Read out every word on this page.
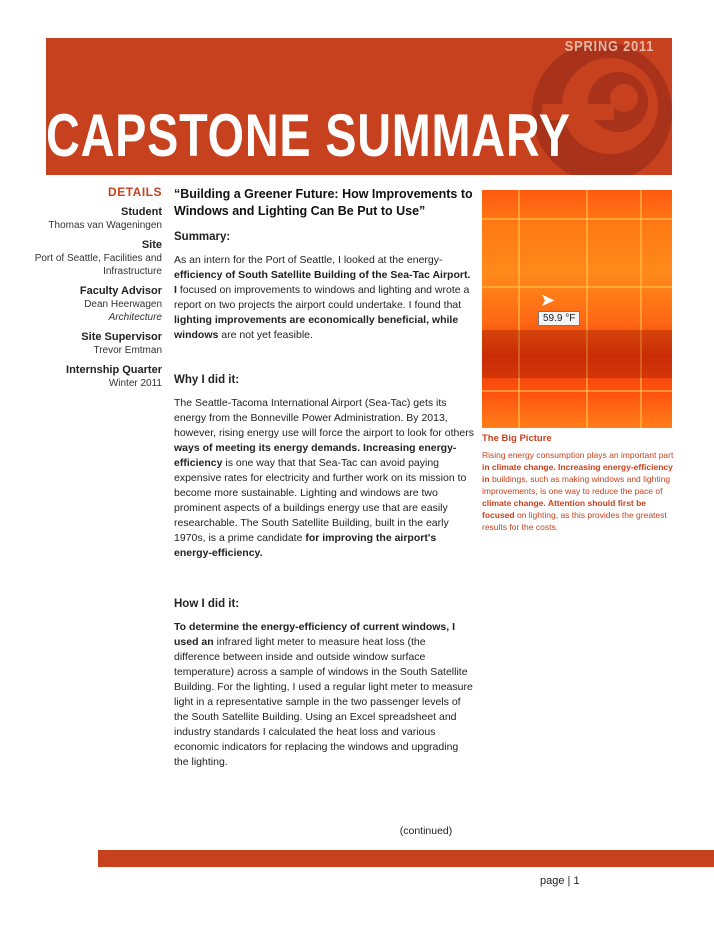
SPRING 2011
CAPSTONE SUMMARY
DETAILS
Student
Thomas van Wageningen
Site
Port of Seattle, Facilities and
Infrastructure
Faculty Advisor
Dean Heerwagen
Architecture
Site Supervisor
Trevor Emtman
Internship Quarter
Winter 2011

“Building a Greener Future: How Improvements to Windows and Lighting Can Be Put to Use”

Summary:

As an intern for the Port of Seattle, I looked at the energy- efficiency of South Satellite Building of the Sea-Tac Airport. I focused on improvements to windows and lighting and wrote a report on two projects the airport could undertake. I found that lighting improvements are economically beneficial, while windows are not yet feasible.

Why I did it:

The Seattle-Tacoma International Airport (Sea-Tac) gets its energy from the Bonneville Power Administration. By 2013, however, rising energy use will force the airport to look for others ways of meeting its energy demands. Increasing energy-efficiency is one way that that Sea-Tac can avoid paying expensive rates for electricity and further work on its mission to become more sustainable. Lighting and windows are two prominent aspects of a buildings energy use that are easily researchable. The South Satellite Building, built in the early 1970s, is a prime candidate for improving the airport's energy-efficiency.

How I did it:

To determine the energy-efficiency of current windows, I used an infrared light meter to measure heat loss (the difference between inside and outside window surface temperature) across a sample of windows in the South Satellite Building. For the lighting, I used a regular light meter to measure light in a representative sample in the two passenger levels of the South Satellite Building. Using an Excel spreadsheet and industry standards I calculated the heat loss and various economic indicators for replacing the windows and upgrading the lighting.

➤
59.9 °F
The Big Picture
Rising energy consumption plays an important part in climate change. Increasing energy-efficiency in buildings, such as making windows and lighting improvements, is one way to reduce the pace of climate change. Attention should first be focused on lighting, as this provides the greatest results for the costs.
(continued)
page | 1
